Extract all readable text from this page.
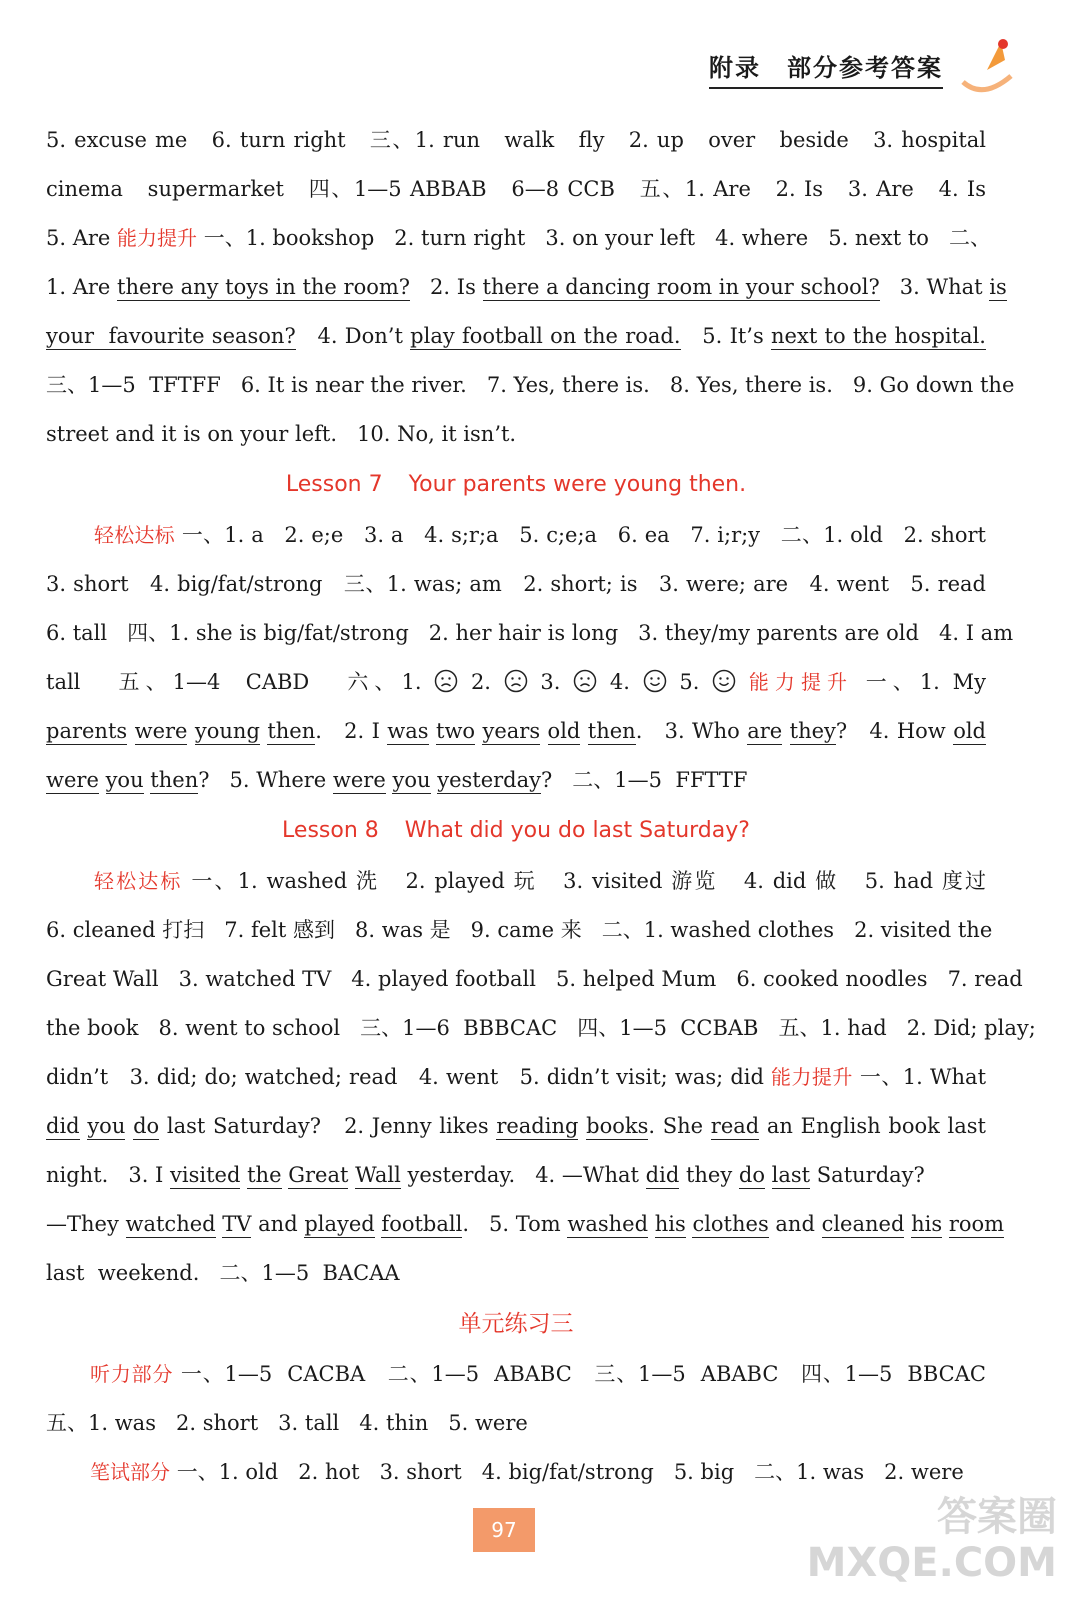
附录 部分参考答案
5. excuse me   6. turn right   三、1. run   walk   fly   2. up   over   beside   3. hospital
cinema   supermarket   四、1—5 ABBAB   6—8 CCB   五、1. Are   2. Is   3. Are   4. Is
5. Are 能力提升 一、1. bookshop   2. turn right   3. on your left   4. where   5. next to   二、
1. Are there any toys in the room?   2. Is there a dancing room in your school?   3. What is
your  favourite season?   4. Don’t play football on the road.   5. It’s next to the hospital.
三、1—5  TFTFF   6. It is near the river.   7. Yes, there is.   8. Yes, there is.   9. Go down the
street and it is on your left.   10. No, it isn’t.
Lesson 7 Your parents were young then.
轻松达标 一、1. a   2. e;e   3. a   4. s;r;a   5. c;e;a   6. ea   7. i;r;y   二、1. old   2. short
3. short   4. big/fat/strong   三、1. was; am   2. short; is   3. were; are   4. went   5. read
6. tall   四、1. she is big/fat/strong   2. her hair is long   3. they/my parents are old   4. I am
tall   五、1—4  CABD   六、1. 2. 3. 4. 5. 能力提升 一、1. My
parents were young then.   2. I was two years old then.   3. Who are they?   4. How old
were you then?   5. Where were you yesterday?   二、1—5  FFTTF
Lesson 8 What did you do last Saturday?
轻松达标 一、1. washed 洗   2. played 玩   3. visited 游览   4. did 做   5. had 度过
6. cleaned 打扫   7. felt 感到   8. was 是   9. came 来   二、1. washed clothes   2. visited the
Great Wall   3. watched TV   4. played football   5. helped Mum   6. cooked noodles   7. read
the book   8. went to school   三、1—6  BBBCAC   四、1—5  CCBAB   五、1. had   2. Did; play;
didn’t   3. did; do; watched; read   4. went   5. didn’t visit; was; did 能力提升 一、1. What
did you do last Saturday?   2. Jenny likes reading books. She read an English book last
night.   3. I visited the Great Wall yesterday.   4. —What did they do last Saturday?
—They watched TV and played football.   5. Tom washed his clothes and cleaned his room
last  weekend.   二、1—5  BACAA
单元练习三
听力部分 一、1—5  CACBA   二、1—5  ABABC   三、1—5  ABABC   四、1—5  BBCAC
五、1. was   2. short   3. tall   4. thin   5. were
笔试部分 一、1. old   2. hot   3. short   4. big/fat/strong   5. big   二、1. was   2. were
97	答案圈
MXQE.COM
